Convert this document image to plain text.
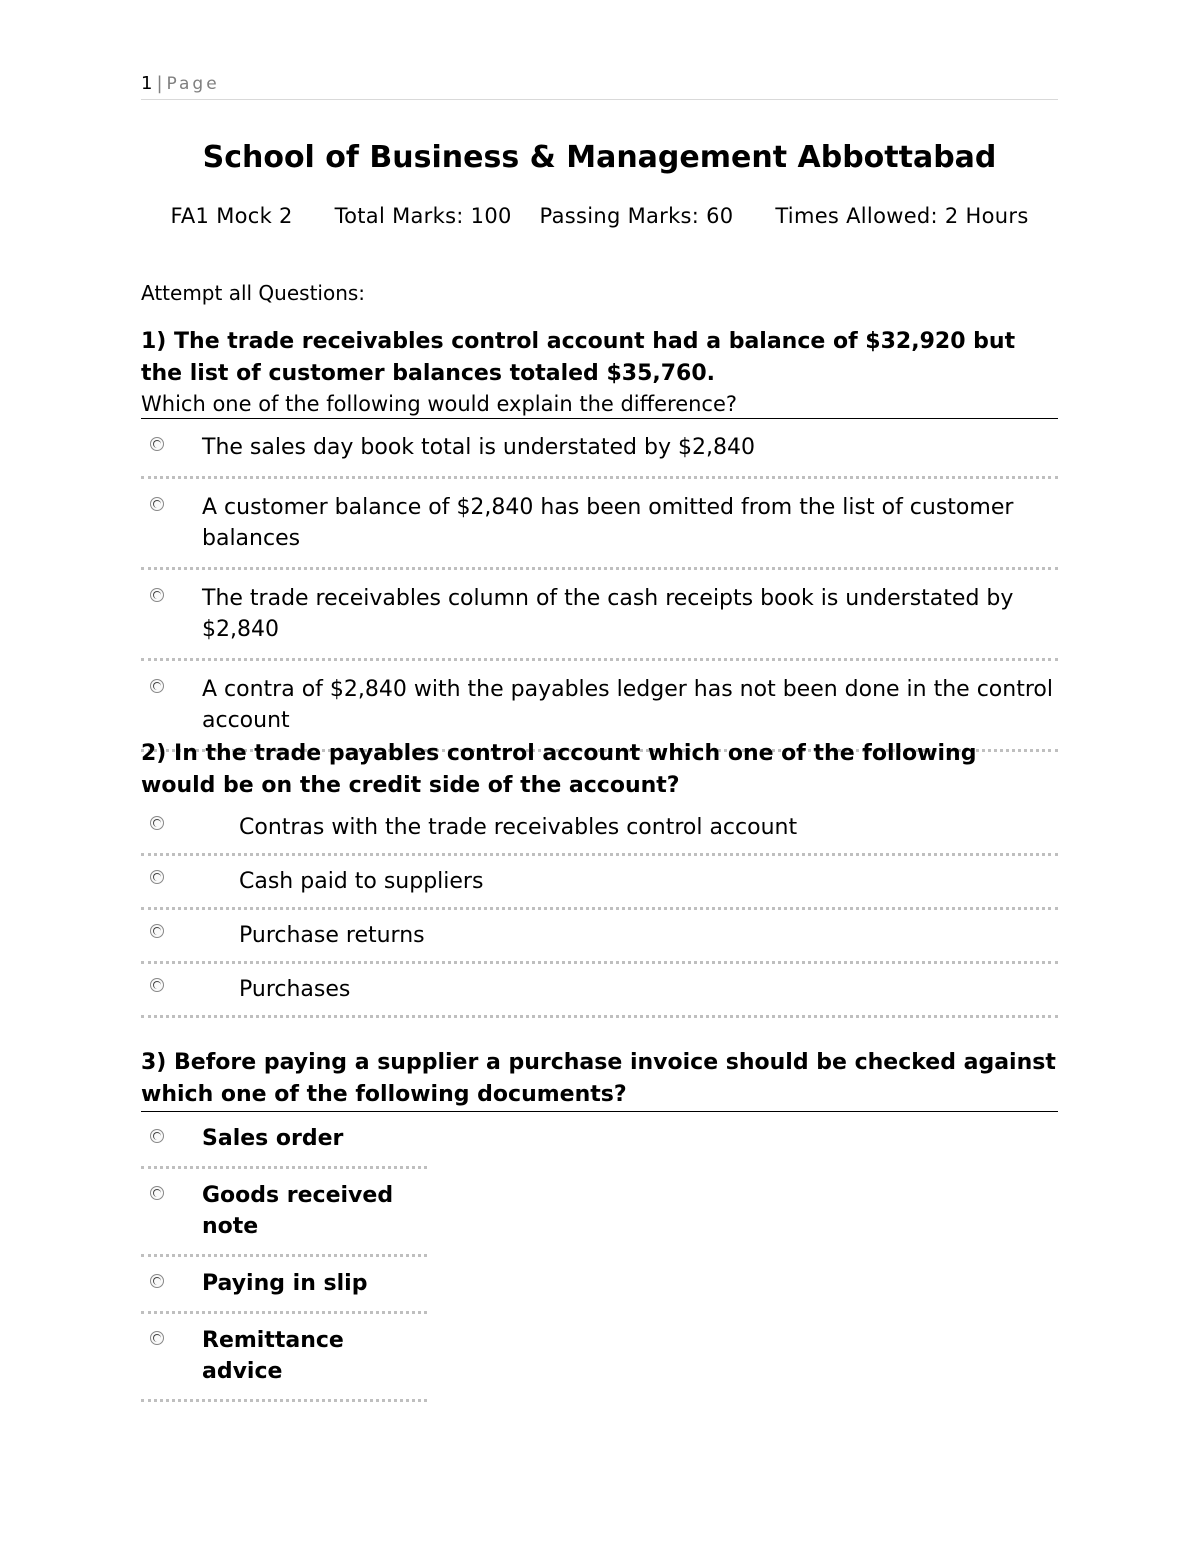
1 | Page
School of Business & Management Abbottabad
FA1 Mock 2 Total Marks: 100 Passing Marks: 60 Times Allowed: 2 Hours
Attempt all Questions:
1) The trade receivables control account had a balance of $32,920 but the list of customer balances totaled $35,760.
Which one of the following would explain the difference?
The sales day book total is understated by $2,840
A customer balance of $2,840 has been omitted from the list of customer balances
The trade receivables column of the cash receipts book is understated by $2,840
A contra of $2,840 with the payables ledger has not been done in the control account
2) In the trade payables control account which one of the following would be on the credit side of the account?
Contras with the trade receivables control account
Cash paid to suppliers
Purchase returns
Purchases
3) Before paying a supplier a purchase invoice should be checked against which one of the following documents?
Sales order
Goods received note
Paying in slip
Remittance advice
